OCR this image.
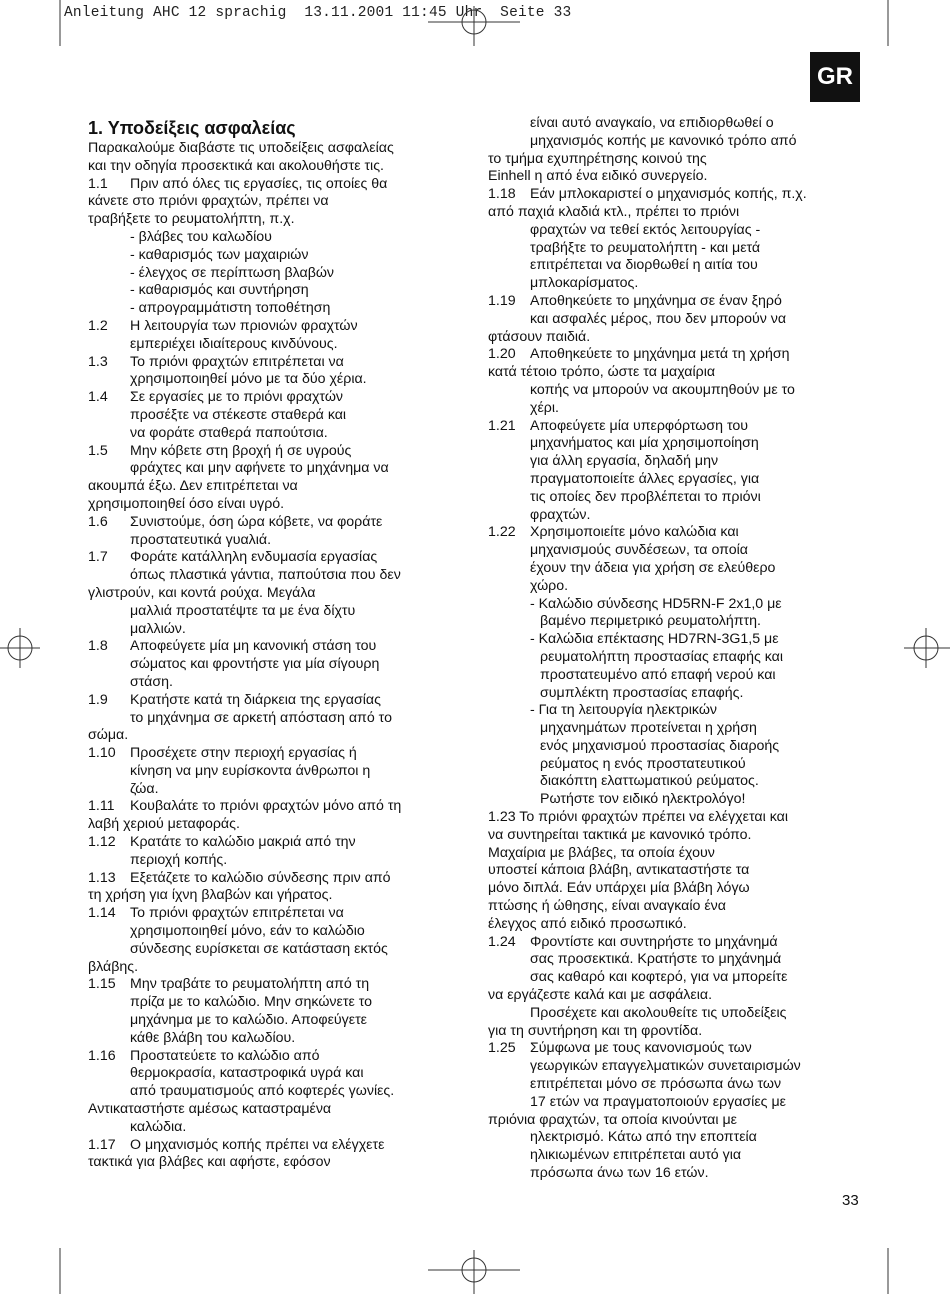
Anleitung AHC 12 sprachig  13.11.2001 11:45 Uhr  Seite 33
GR
1. Υποδείξεις ασφαλείας
Παρακαλούμε διαβάστε τις υποδείξεις ασφαλείας
και την οδηγία προσεκτικά και ακολουθήστε τις.
1.1 Πριν από όλες τις εργασίες, τις οποίες θα
κάνετε στο πριόνι φραχτών, πρέπει να
τραβήξετε το ρευματολήπτη, π.χ.
- βλάβες του καλωδίου
- καθαρισμός των μαχαιριών
- έλεγχος σε περίπτωση βλαβών
- καθαρισμός και συντήρηση
- απρογραμμάτιστη τοποθέτηση
1.2 Η λειτουργία των πριονιών φραχτών
εμπεριέχει ιδιαίτερους κινδύνους.
1.3 Το πριόνι φραχτών επιτρέπεται να
χρησιμοποιηθεί μόνο με τα δύο χέρια.
1.4 Σε εργασίες με το πριόνι φραχτών
προσέξτε να στέκεστε σταθερά και
να φοράτε σταθερά παπούτσια.
1.5 Μην κόβετε στη βροχή ή σε υγρούς
φράχτες και μην αφήνετε το μηχάνημα να
ακουμπά έξω. Δεν επιτρέπεται να
χρησιμοποιηθεί όσο είναι υγρό.
1.6 Συνιστούμε, όση ώρα κόβετε, να φοράτε
προστατευτικά γυαλιά.
1.7 Φοράτε κατάλληλη ενδυμασία εργασίας
όπως πλαστικά γάντια, παπούτσια που δεν
γλιστρούν, και κοντά ρούχα. Μεγάλα
μαλλιά προστατέψτε τα με ένα δίχτυ
μαλλιών.
1.8 Αποφεύγετε μία μη κανονική στάση του
σώματος και φροντήστε για μία σίγουρη
στάση.
1.9 Κρατήστε κατά τη διάρκεια της εργασίας
το μηχάνημα σε αρκετή απόσταση από το
σώμα.
1.10 Προσέχετε στην περιοχή εργασίας ή
κίνηση να μην ευρίσκοντα άνθρωποι η
ζώα.
1.11 Κουβαλάτε το πριόνι φραχτών μόνο από τη
λαβή χεριού μεταφοράς.
1.12 Κρατάτε το καλώδιο μακριά από την
περιοχή κοπής.
1.13 Εξετάζετε το καλώδιο σύνδεσης πριν από
τη χρήση για ίχνη βλαβών και γήρατος.
1.14 Το πριόνι φραχτών επιτρέπεται να
χρησιμοποιηθεί μόνο, εάν το καλώδιο
σύνδεσης ευρίσκεται σε κατάσταση εκτός
βλάβης.
1.15 Μην τραβάτε το ρευματολήπτη από τη
πρίζα με το καλώδιο. Μην σηκώνετε το
μηχάνημα με το καλώδιο. Αποφεύγετε
κάθε βλάβη του καλωδίου.
1.16 Προστατεύετε το καλώδιο από
θερμοκρασία, καταστροφικά υγρά και
από τραυματισμούς από κοφτερές γωνίες.
Αντικαταστήστε αμέσως καταστραμένα
καλώδια.
1.17 Ο μηχανισμός κοπής πρέπει να ελέγχετε
τακτικά για βλάβες και αφήστε, εφόσον
είναι αυτό αναγκαίο, να επιδιορθωθεί ο
μηχανισμός κοπής με κανονικό τρόπο από
το τμήμα εχυπηρέτησης κοινού της
Einhell η από ένα ειδικό συνεργείο.
1.18 Εάν μπλοκαριστεί ο μηχανισμός κοπής, π.χ.
από παχιά κλαδιά κτλ., πρέπει το πριόνι
φραχτών να τεθεί εκτός λειτουργίας -
τραβήξτε το ρευματολήπτη - και μετά
επιτρέπεται να διορθωθεί η αιτία του
μπλοκαρίσματος.
1.19 Αποθηκεύετε το μηχάνημα σε έναν ξηρό
και ασφαλές μέρος, που δεν μπορούν να
φτάσουν παιδιά.
1.20 Αποθηκεύετε το μηχάνημα μετά τη χρήση
κατά τέτοιο τρόπο, ώστε τα μαχαίρια
κοπής να μπορούν να ακουμπηθούν με το
χέρι.
1.21 Αποφεύγετε μία υπερφόρτωση του
μηχανήματος και μία χρησιμοποίηση
για άλλη εργασία, δηλαδή μην
πραγματοποιείτε άλλες εργασίες, για
τις οποίες δεν προβλέπεται το πριόνι
φραχτών.
1.22 Χρησιμοποιείτε μόνο καλώδια και
μηχανισμούς συνδέσεων, τα οποία
έχουν την άδεια για χρήση σε ελεύθερο
χώρο.
- Καλώδιο σύνδεσης HD5RN-F 2x1,0 με
βαμένο περιμετρικό ρευματολήπτη.
- Καλώδια επέκτασης HD7RN-3G1,5 με
ρευματολήπτη προστασίας επαφής και
προστατευμένο από επαφή νερού και
συμπλέκτη προστασίας επαφής.
- Για τη λειτουργία ηλεκτρικών
μηχανημάτων προτείνεται η χρήση
ενός μηχανισμού προστασίας διαροής
ρεύματος η ενός προστατευτικού
διακόπτη ελαττωματικού ρεύματος.
Ρωτήστε τον ειδικό ηλεκτρολόγο!
1.23 Το πριόνι φραχτών πρέπει να ελέγχεται και
να συντηρείται τακτικά με κανονικό τρόπο.
Μαχαίρια με βλάβες, τα οποία έχουν
υποστεί κάποια βλάβη, αντικαταστήστε τα
μόνο διπλά. Εάν υπάρχει μία βλάβη λόγω
πτώσης ή ώθησης, είναι αναγκαίο ένα
έλεγχος από ειδικό προσωπικό.
1.24 Φροντίστε και συντηρήστε το μηχάνημά
σας προσεκτικά. Κρατήστε το μηχάνημά
σας καθαρό και κοφτερό, για να μπορείτε
να εργάζεστε καλά και με ασφάλεια.
Προσέχετε και ακολουθείτε τις υποδείξεις
για τη συντήρηση και τη φροντίδα.
1.25 Σύμφωνα με τους κανονισμούς των
γεωργικών επαγγελματικών συνεταιρισμών
επιτρέπεται μόνο σε πρόσωπα άνω των
17 ετών να πραγματοποιούν εργασίες με
πριόνια φραχτών, τα οποία κινούνται με
ηλεκτρισμό. Κάτω από την εποπτεία
ηλικιωμένων επιτρέπεται αυτό για
πρόσωπα άνω των 16 ετών.
33
